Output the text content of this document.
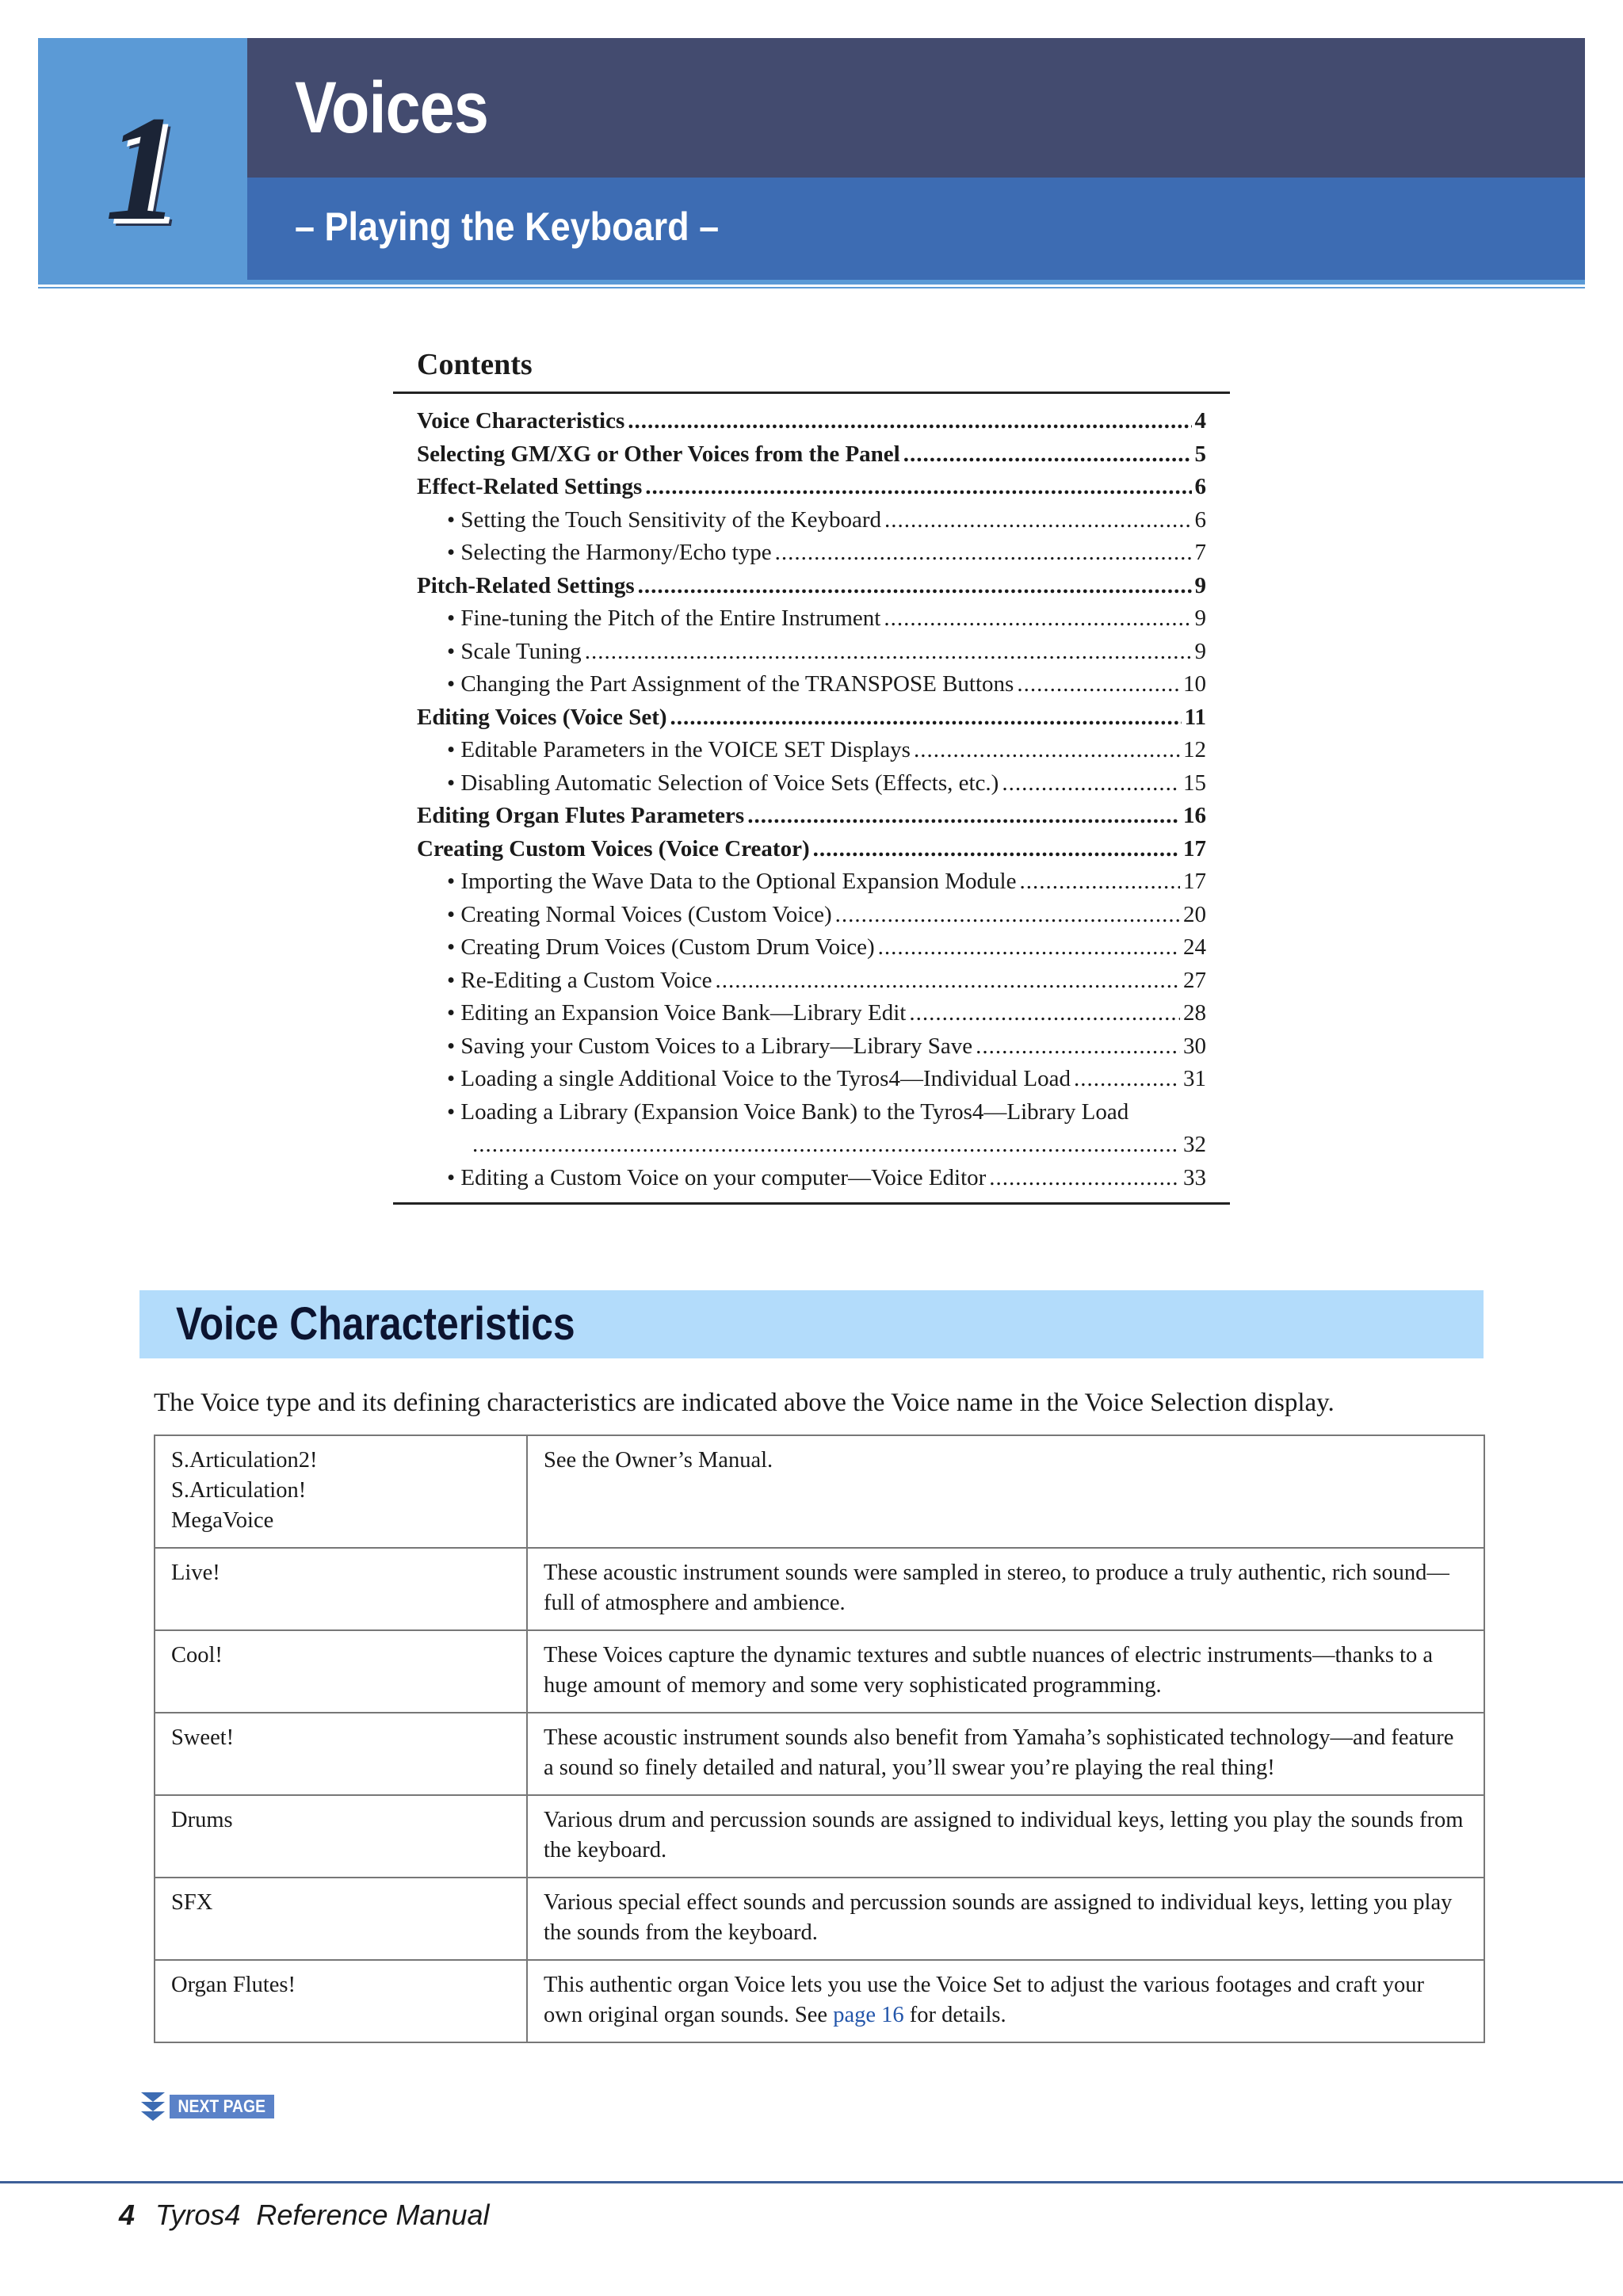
1	Voices
– Playing the Keyboard –
Contents
Voice Characteristics .....	4
Selecting GM/XG or Other Voices from the Panel .....	5
Effect-Related Settings .....	6
• Setting the Touch Sensitivity of the Keyboard .....	6
• Selecting the Harmony/Echo type .....	7
Pitch-Related Settings .....	9
• Fine-tuning the Pitch of the Entire Instrument .....	9
• Scale Tuning .....	9
• Changing the Part Assignment of the TRANSPOSE Buttons .....	10
Editing Voices (Voice Set) .....	11
• Editable Parameters in the VOICE SET Displays .....	12
• Disabling Automatic Selection of Voice Sets (Effects, etc.) .....	15
Editing Organ Flutes Parameters .....	16
Creating Custom Voices (Voice Creator) .....	17
• Importing the Wave Data to the Optional Expansion Module .....	17
• Creating Normal Voices (Custom Voice) .....	20
• Creating Drum Voices (Custom Drum Voice) .....	24
• Re-Editing a Custom Voice .....	27
• Editing an Expansion Voice Bank—Library Edit .....	28
• Saving your Custom Voices to a Library—Library Save .....	30
• Loading a single Additional Voice to the Tyros4—Individual Load .....	31
• Loading a Library (Expansion Voice Bank) to the Tyros4—Library Load
.....
32
• Editing a Custom Voice on your computer—Voice Editor .....	33
Voice Characteristics

The Voice type and its defining characteristics are indicated above the Voice name in the Voice Selection display.

S.Articulation2!
S.Articulation!
MegaVoice	See the Owner’s Manual.
Live!	These acoustic instrument sounds were sampled in stereo, to produce a truly authentic, rich sound—full of atmosphere and ambience.
Cool!	These Voices capture the dynamic textures and subtle nuances of electric instruments—thanks to a huge amount of memory and some very sophisticated programming.
Sweet!	These acoustic instrument sounds also benefit from Yamaha’s sophisticated technology—and feature a sound so finely detailed and natural, you’ll swear you’re playing the real thing!
Drums	Various drum and percussion sounds are assigned to individual keys, letting you play the sounds from the keyboard.
SFX	Various special effect sounds and percussion sounds are assigned to individual keys, letting you play the sounds from the keyboard.
Organ Flutes!	This authentic organ Voice lets you use the Voice Set to adjust the various footages and craft your own original organ sounds. See page 16 for details.
NEXT PAGE
4 Tyros4  Reference Manual
